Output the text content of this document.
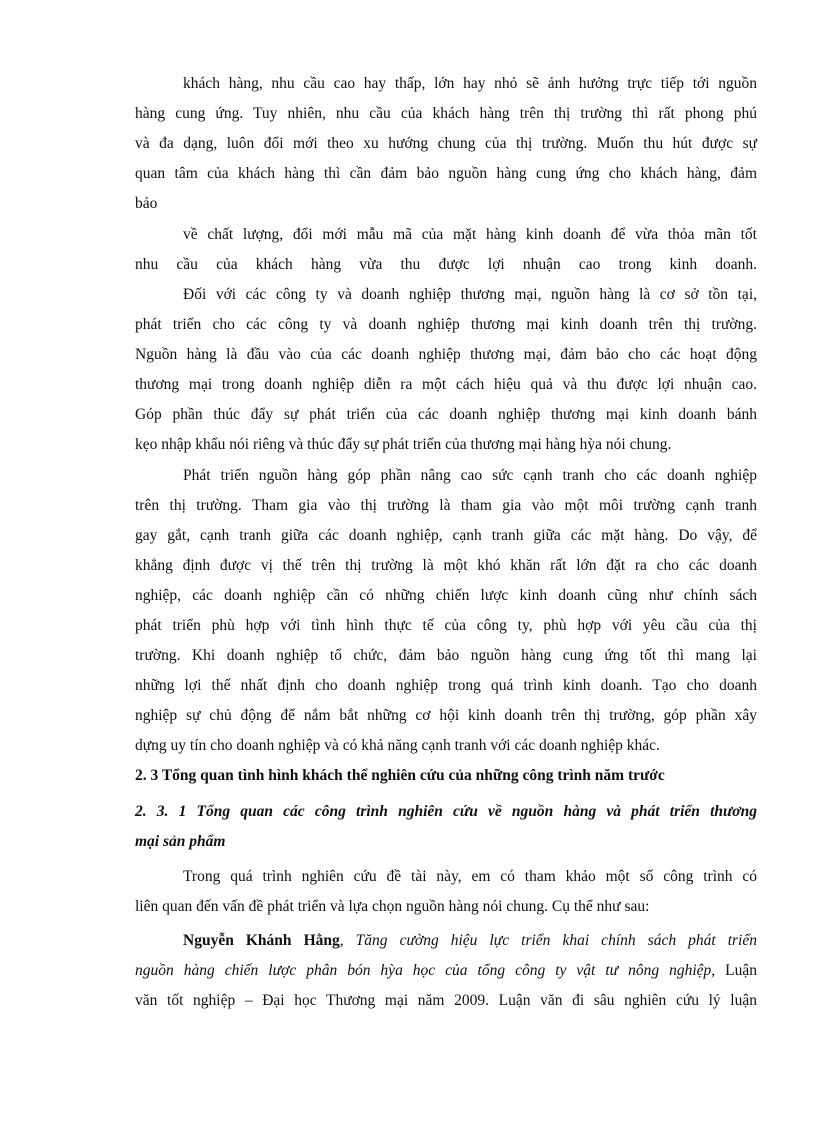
khách hàng, nhu cầu cao hay thấp, lớn hay nhỏ sẽ ảnh hưởng trực tiếp tới nguồn
hàng cung ứng. Tuy nhiên, nhu cầu của khách hàng trên thị trường thì rất phong phú
và đa dạng, luôn đổi mới theo xu hướng chung của thị trường. Muốn thu hút được sự
quan tâm của khách hàng thì cần đảm bảo nguồn hàng cung ứng cho khách hàng, đảm
bảo
về chất lượng, đổi mới mẫu mã của mặt hàng kinh doanh để vừa thỏa mãn tốt
nhu cầu của khách hàng vừa thu được lợi nhuận cao trong kinh doanh.
Đối với các công ty và doanh nghiệp thương mại, nguồn hàng là cơ sở tồn tại,
phát triển cho các công ty và doanh nghiệp thương mại kinh doanh trên thị trường.
Nguồn hàng là đầu vào của các doanh nghiệp thương mại, đảm bảo cho các hoạt động
thương mại trong doanh nghiệp diễn ra một cách hiệu quả và thu được lợi nhuận cao.
Góp phần thúc đẩy sự phát triển của các doanh nghiệp thương mại kinh doanh bánh
kẹo nhập khẩu nói riêng và thúc đẩy sự phát triển của thương mại hàng hỳa nói chung.
Phát triển nguồn hàng góp phần nâng cao sức cạnh tranh cho các doanh nghiệp
trên thị trường. Tham gia vào thị trường là tham gia vào một môi trường cạnh tranh
gay gắt, cạnh tranh giữa các doanh nghiệp, cạnh tranh giữa các mặt hàng. Do vậy, để
khẳng định được vị thế trên thị trường là một khó khăn rất lớn đặt ra cho các doanh
nghiệp, các doanh nghiệp cần có những chiến lược kinh doanh cũng như chính sách
phát triển phù hợp với tình hình thực tế của công ty, phù hợp với yêu cầu của thị
trường. Khi doanh nghiệp tổ chức, đảm bảo nguồn hàng cung ứng tốt thì mang lại
những lợi thế nhất định cho doanh nghiệp trong quá trình kinh doanh. Tạo cho doanh
nghiệp sự chủ động để nắm bắt những cơ hội kinh doanh trên thị trường, góp phần xây
dựng uy tín cho doanh nghiệp và có khả năng cạnh tranh với các doanh nghiệp khác.
2. 3 Tổng quan tình hình khách thể nghiên cứu của những công trình năm trước
2. 3. 1 Tổng quan các công trình nghiên cứu về nguồn hàng và phát triển thương
mại sản phẩm
Trong quá trình nghiên cứu đề tài này, em có tham khảo một số công trình có
liên quan đến vấn đề phát triển và lựa chọn nguồn hàng nói chung. Cụ thể như sau:
Nguyễn Khánh Hằng, Tăng cường hiệu lực triển khai chính sách phát triển
nguồn hàng chiến lược phân bón hỳa học của tổng công ty vật tư nông nghiệp, Luận
văn tốt nghiệp – Đại học Thương mại năm 2009. Luận văn đi sâu nghiên cứu lý luận
